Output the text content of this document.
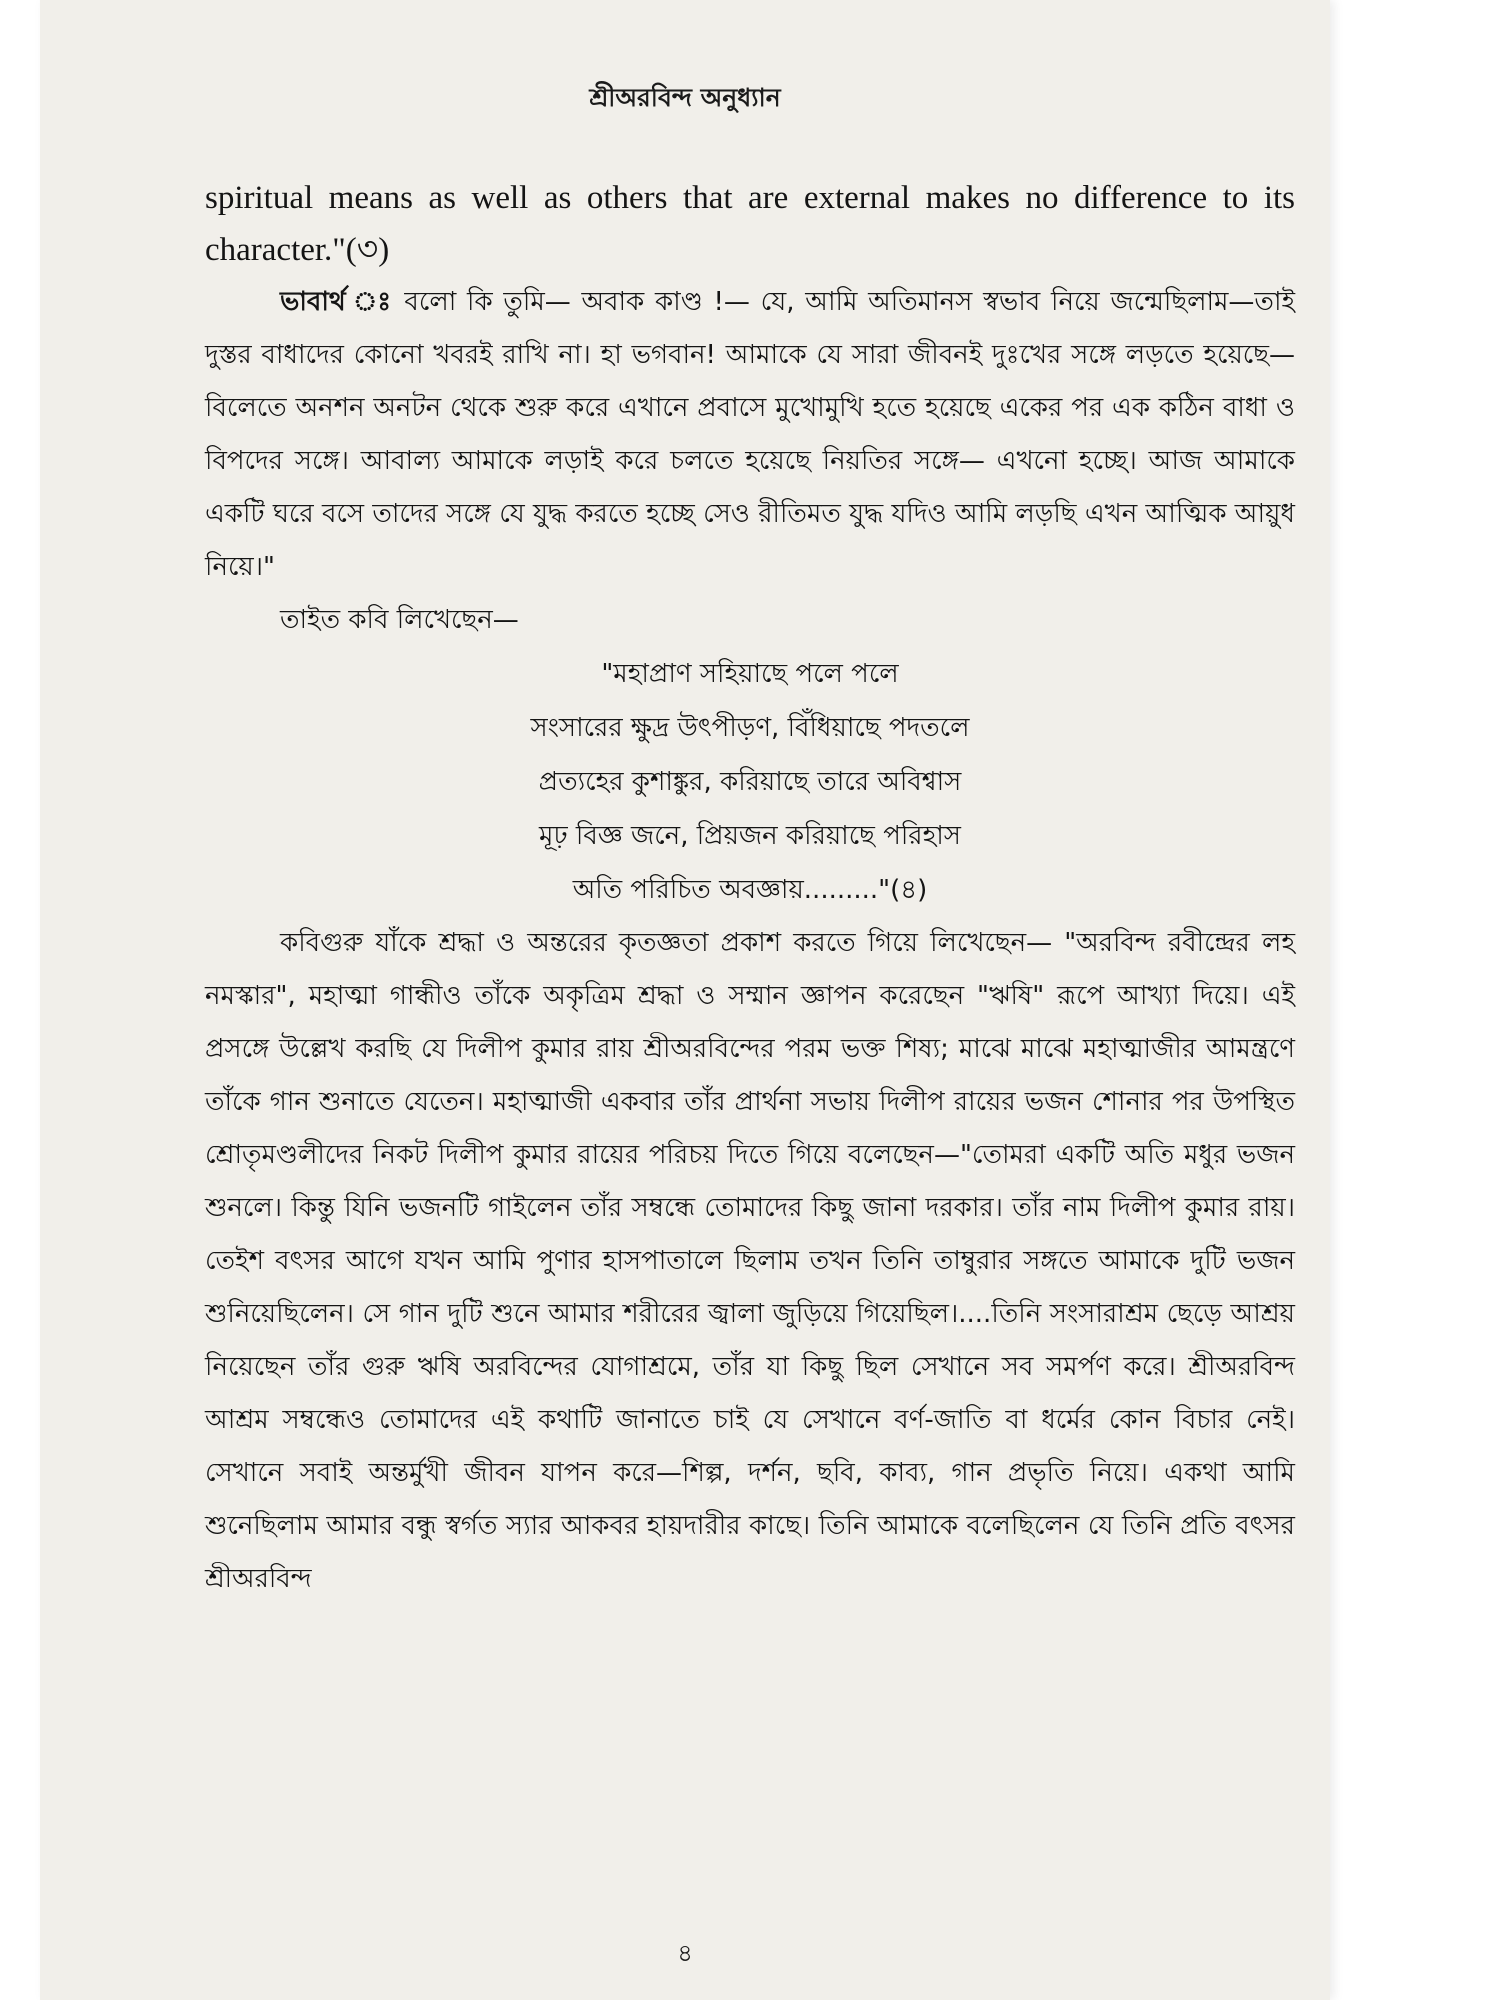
শ্রীঅরবিন্দ অনুধ্যান

spiritual means as well as others that are external makes no difference to its character."(৩)

ভাবার্থ ঃ বলো কি তুমি— অবাক কাণ্ড !— যে, আমি অতিমানস স্বভাব নিয়ে জন্মেছিলাম—তাই দুস্তর বাধাদের কোনো খবরই রাখি না। হা ভগবান! আমাকে যে সারা জীবনই দুঃখের সঙ্গে লড়তে হয়েছে—বিলেতে অনশন অনটন থেকে শুরু করে এখানে প্রবাসে মুখোমুখি হতে হয়েছে একের পর এক কঠিন বাধা ও বিপদের সঙ্গে। আবাল্য আমাকে লড়াই করে চলতে হয়েছে নিয়তির সঙ্গে— এখনো হচ্ছে। আজ আমাকে একটি ঘরে বসে তাদের সঙ্গে যে যুদ্ধ করতে হচ্ছে সেও রীতিমত যুদ্ধ যদিও আমি লড়ছি এখন আত্মিক আয়ুধ নিয়ে।"

তাইত কবি লিখেছেন—

"মহাপ্রাণ সহিয়াছে পলে পলে
সংসারের ক্ষুদ্র উৎপীড়ণ, বিঁধিয়াছে পদতলে
প্রত্যহের কুশাঙ্কুর, করিয়াছে তারে অবিশ্বাস
মূঢ় বিজ্ঞ জনে, প্রিয়জন করিয়াছে পরিহাস
অতি পরিচিত অবজ্ঞায়........."(৪)

কবিগুরু যাঁকে শ্রদ্ধা ও অন্তরের কৃতজ্ঞতা প্রকাশ করতে গিয়ে লিখেছেন— "অরবিন্দ রবীন্দ্রের লহ নমস্কার", মহাত্মা গান্ধীও তাঁকে অকৃত্রিম শ্রদ্ধা ও সম্মান জ্ঞাপন করেছেন "ঋষি" রূপে আখ্যা দিয়ে। এই প্রসঙ্গে উল্লেখ করছি যে দিলীপ কুমার রায় শ্রীঅরবিন্দের পরম ভক্ত শিষ্য; মাঝে মাঝে মহাত্মাজীর আমন্ত্রণে তাঁকে গান শুনাতে যেতেন। মহাত্মাজী একবার তাঁর প্রার্থনা সভায় দিলীপ রায়ের ভজন শোনার পর উপস্থিত শ্রোতৃমণ্ডলীদের নিকট দিলীপ কুমার রায়ের পরিচয় দিতে গিয়ে বলেছেন—"তোমরা একটি অতি মধুর ভজন শুনলে। কিন্তু যিনি ভজনটি গাইলেন তাঁর সম্বন্ধে তোমাদের কিছু জানা দরকার। তাঁর নাম দিলীপ কুমার রায়। তেইশ বৎসর আগে যখন আমি পুণার হাসপাতালে ছিলাম তখন তিনি তাম্বুরার সঙ্গতে আমাকে দুটি ভজন শুনিয়েছিলেন। সে গান দুটি শুনে আমার শরীরের জ্বালা জুড়িয়ে গিয়েছিল।....তিনি সংসারাশ্রম ছেড়ে আশ্রয় নিয়েছেন তাঁর গুরু ঋষি অরবিন্দের যোগাশ্রমে, তাঁর যা কিছু ছিল সেখানে সব সমর্পণ করে। শ্রীঅরবিন্দ আশ্রম সম্বন্ধেও তোমাদের এই কথাটি জানাতে চাই যে সেখানে বর্ণ-জাতি বা ধর্মের কোন বিচার নেই। সেখানে সবাই অন্তর্মুখী জীবন যাপন করে—শিল্প, দর্শন, ছবি, কাব্য, গান প্রভৃতি নিয়ে। একথা আমি শুনেছিলাম আমার বন্ধু স্বর্গত স্যার আকবর হায়দারীর কাছে। তিনি আমাকে বলেছিলেন যে তিনি প্রতি বৎসর শ্রীঅরবিন্দ

৪
